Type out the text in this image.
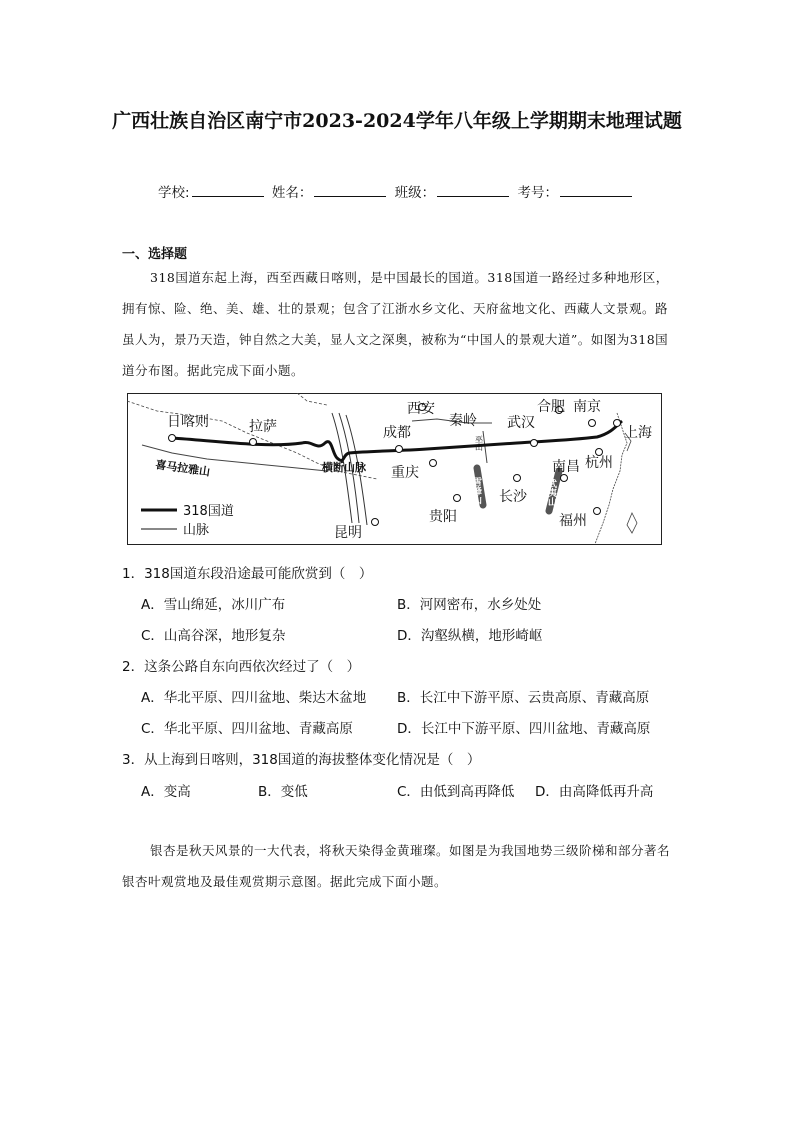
广西壮族自治区南宁市2023-2024学年八年级上学期期末地理试题
学校:	姓名：	班级：	考号：
一、选择题
318国道东起上海，西至西藏日喀则，是中国最长的国道。318国道一路经过多种地形区，拥有惊、险、绝、美、雄、壮的景观；包含了江浙水乡文化、天府盆地文化、西藏人文景观。路虽人为，景乃天造，钟自然之大美，显人文之深奥，被称为“中国人的景观大道”。如图为318国道分布图。据此完成下面小题。
日喀则	拉萨
西安
秦岭
合肥 南京
上海
武汉
成都
重庆	南昌 杭州
长沙
贵阳	福州
昆明
喜马拉雅山	横断山脉
雪峰山	武夷山
巫山
318国道
山脉
1．318国道东段沿途最可能欣赏到（　）
A．雪山绵延，冰川广布	B．河网密布，水乡处处
C．山高谷深，地形复杂	D．沟壑纵横，地形崎岖
2．这条公路自东向西依次经过了（　）
A．华北平原、四川盆地、柴达木盆地 B．长江中下游平原、云贵高原、青藏高原
C．华北平原、四川盆地、青藏高原	D．长江中下游平原、四川盆地、青藏高原
3．从上海到日喀则，318国道的海拔整体变化情况是（　）
A．变高	B．变低	C．由低到高再降低 D．由高降低再升高
银杏是秋天风景的一大代表，将秋天染得金黄璀璨。如图是为我国地势三级阶梯和部分著名银杏叶观赏地及最佳观赏期示意图。据此完成下面小题。
